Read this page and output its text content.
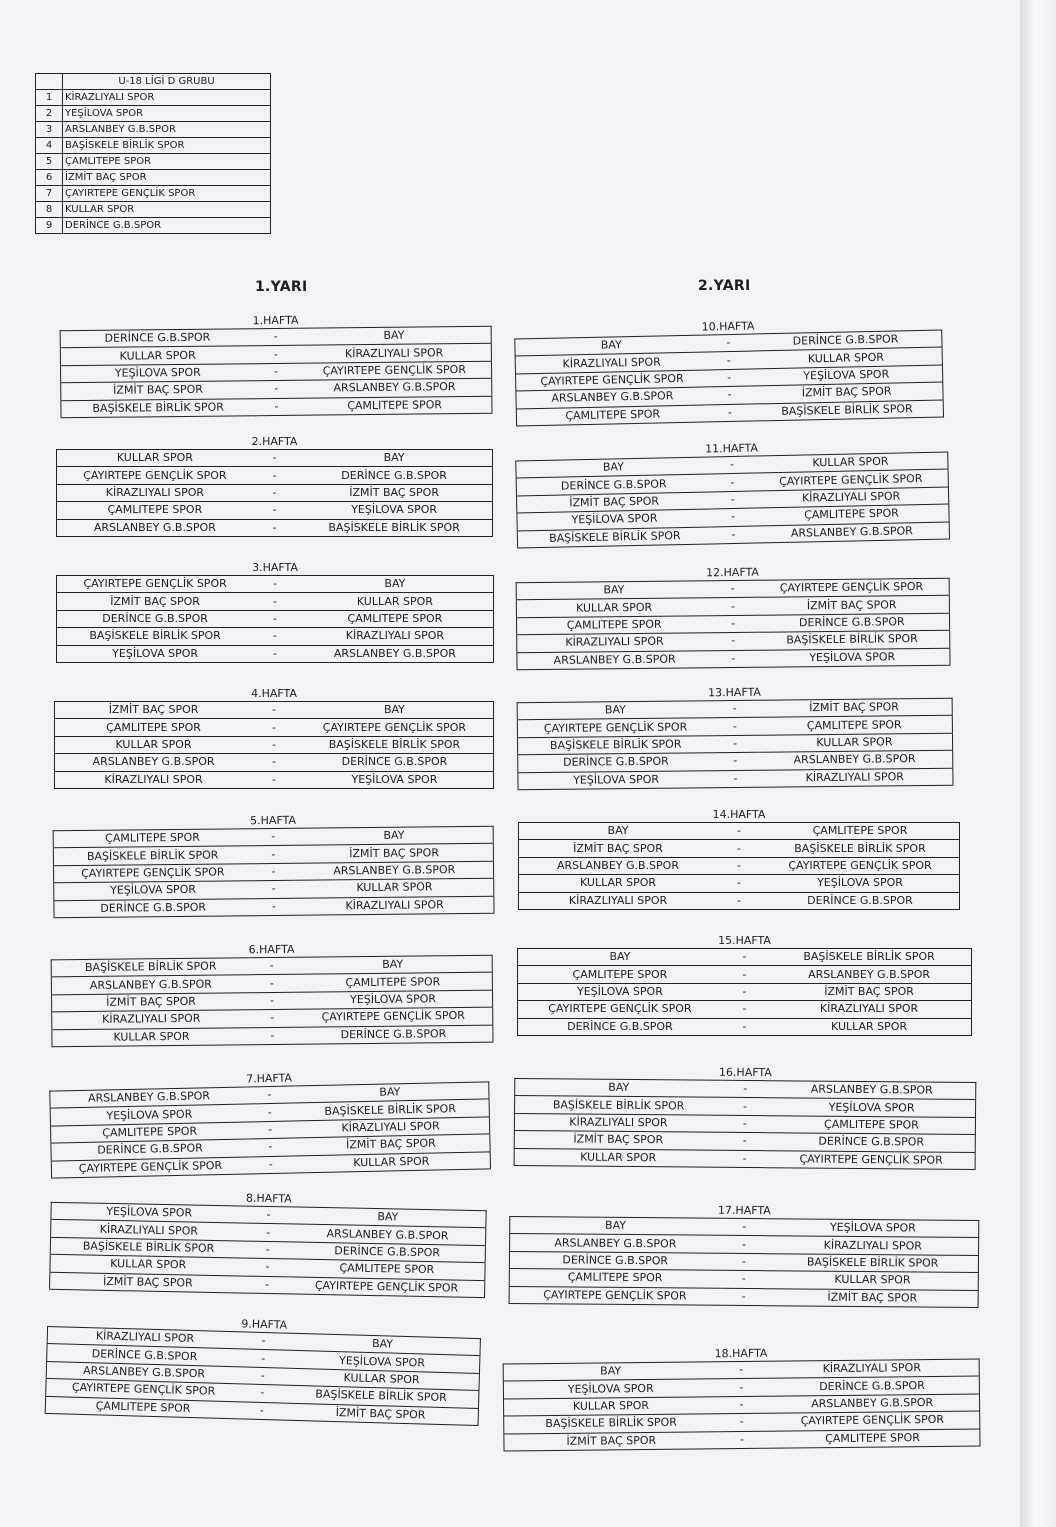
	U-18 LİGİ D GRUBU
1	KİRAZLIYALI SPOR
2	YEŞİLOVA SPOR
3	ARSLANBEY G.B.SPOR
4	BAŞİSKELE BİRLİK SPOR
5	ÇAMLITEPE SPOR
6	İZMİT BAÇ SPOR
7	ÇAYIRTEPE GENÇLİK SPOR
8	KULLAR SPOR
9	DERİNCE G.B.SPOR
1.YARI	2.YARI
1.HAFTA
DERİNCE G.B.SPOR	-	BAY
KULLAR SPOR	-	KİRAZLIYALI SPOR
YEŞİLOVA SPOR	-	ÇAYIRTEPE GENÇLİK SPOR
İZMİT BAÇ SPOR	-	ARSLANBEY G.B.SPOR
BAŞİSKELE BİRLİK SPOR	-	ÇAMLITEPE SPOR
2.HAFTA
KULLAR SPOR	-	BAY
ÇAYIRTEPE GENÇLİK SPOR	-	DERİNCE G.B.SPOR
KİRAZLIYALI SPOR	-	İZMİT BAÇ SPOR
ÇAMLITEPE SPOR	-	YEŞİLOVA SPOR
ARSLANBEY G.B.SPOR	-	BAŞİSKELE BİRLİK SPOR
3.HAFTA
ÇAYIRTEPE GENÇLİK SPOR	-	BAY
İZMİT BAÇ SPOR	-	KULLAR SPOR
DERİNCE G.B.SPOR	-	ÇAMLITEPE SPOR
BAŞİSKELE BİRLİK SPOR	-	KİRAZLIYALI SPOR
YEŞİLOVA SPOR	-	ARSLANBEY G.B.SPOR
4.HAFTA
İZMİT BAÇ SPOR	-	BAY
ÇAMLITEPE SPOR	-	ÇAYIRTEPE GENÇLİK SPOR
KULLAR SPOR	-	BAŞİSKELE BİRLİK SPOR
ARSLANBEY G.B.SPOR	-	DERİNCE G.B.SPOR
KİRAZLIYALI SPOR	-	YEŞİLOVA SPOR
5.HAFTA
ÇAMLITEPE SPOR	-	BAY
BAŞİSKELE BİRLİK SPOR	-	İZMİT BAÇ SPOR
ÇAYIRTEPE GENÇLİK SPOR	-	ARSLANBEY G.B.SPOR
YEŞİLOVA SPOR	-	KULLAR SPOR
DERİNCE G.B.SPOR	-	KİRAZLIYALI SPOR
6.HAFTA
BAŞİSKELE BİRLİK SPOR	-	BAY
ARSLANBEY G.B.SPOR	-	ÇAMLITEPE SPOR
İZMİT BAÇ SPOR	-	YEŞİLOVA SPOR
KİRAZLIYALI SPOR	-	ÇAYIRTEPE GENÇLİK SPOR
KULLAR SPOR	-	DERİNCE G.B.SPOR
7.HAFTA
ARSLANBEY G.B.SPOR	-	BAY
YEŞİLOVA SPOR	-	BAŞİSKELE BİRLİK SPOR
ÇAMLITEPE SPOR	-	KİRAZLIYALI SPOR
DERİNCE G.B.SPOR	-	İZMİT BAÇ SPOR
ÇAYIRTEPE GENÇLİK SPOR	-	KULLAR SPOR
8.HAFTA
YEŞİLOVA SPOR	-	BAY
KİRAZLIYALI SPOR	-	ARSLANBEY G.B.SPOR
BAŞİSKELE BİRLİK SPOR	-	DERİNCE G.B.SPOR
KULLAR SPOR	-	ÇAMLITEPE SPOR
İZMİT BAÇ SPOR	-	ÇAYIRTEPE GENÇLİK SPOR
9.HAFTA
KİRAZLIYALI SPOR	-	BAY
DERİNCE G.B.SPOR	-	YEŞİLOVA SPOR
ARSLANBEY G.B.SPOR	-	KULLAR SPOR
ÇAYIRTEPE GENÇLİK SPOR	-	BAŞİSKELE BİRLİK SPOR
ÇAMLITEPE SPOR	-	İZMİT BAÇ SPOR
10.HAFTA
BAY	-	DERİNCE G.B.SPOR
KİRAZLIYALI SPOR	-	KULLAR SPOR
ÇAYIRTEPE GENÇLİK SPOR	-	YEŞİLOVA SPOR
ARSLANBEY G.B.SPOR	-	İZMİT BAÇ SPOR
ÇAMLITEPE SPOR	-	BAŞİSKELE BİRLİK SPOR
11.HAFTA
BAY	-	KULLAR SPOR
DERİNCE G.B.SPOR	-	ÇAYIRTEPE GENÇLİK SPOR
İZMİT BAÇ SPOR	-	KİRAZLIYALI SPOR
YEŞİLOVA SPOR	-	ÇAMLITEPE SPOR
BAŞİSKELE BİRLİK SPOR	-	ARSLANBEY G.B.SPOR
12.HAFTA
BAY	-	ÇAYIRTEPE GENÇLİK SPOR
KULLAR SPOR	-	İZMİT BAÇ SPOR
ÇAMLITEPE SPOR	-	DERİNCE G.B.SPOR
KİRAZLIYALI SPOR	-	BAŞİSKELE BİRLİK SPOR
ARSLANBEY G.B.SPOR	-	YEŞİLOVA SPOR
13.HAFTA
BAY	-	İZMİT BAÇ SPOR
ÇAYIRTEPE GENÇLİK SPOR	-	ÇAMLITEPE SPOR
BAŞİSKELE BİRLİK SPOR	-	KULLAR SPOR
DERİNCE G.B.SPOR	-	ARSLANBEY G.B.SPOR
YEŞİLOVA SPOR	-	KİRAZLIYALI SPOR
14.HAFTA
BAY	-	ÇAMLITEPE SPOR
İZMİT BAÇ SPOR	-	BAŞİSKELE BİRLİK SPOR
ARSLANBEY G.B.SPOR	-	ÇAYIRTEPE GENÇLİK SPOR
KULLAR SPOR	-	YEŞİLOVA SPOR
KİRAZLIYALI SPOR	-	DERİNCE G.B.SPOR
15.HAFTA
BAY	-	BAŞİSKELE BİRLİK SPOR
ÇAMLITEPE SPOR	-	ARSLANBEY G.B.SPOR
YEŞİLOVA SPOR	-	İZMİT BAÇ SPOR
ÇAYIRTEPE GENÇLİK SPOR	-	KİRAZLIYALI SPOR
DERİNCE G.B.SPOR	-	KULLAR SPOR
16.HAFTA
BAY	-	ARSLANBEY G.B.SPOR
BAŞİSKELE BİRLİK SPOR	-	YEŞİLOVA SPOR
KİRAZLIYALI SPOR	-	ÇAMLITEPE SPOR
İZMİT BAÇ SPOR	-	DERİNCE G.B.SPOR
KULLAR SPOR	-	ÇAYIRTEPE GENÇLİK SPOR
17.HAFTA
BAY	-	YEŞİLOVA SPOR
ARSLANBEY G.B.SPOR	-	KİRAZLIYALI SPOR
DERİNCE G.B.SPOR	-	BAŞİSKELE BİRLİK SPOR
ÇAMLITEPE SPOR	-	KULLAR SPOR
ÇAYIRTEPE GENÇLİK SPOR	-	İZMİT BAÇ SPOR
18.HAFTA
BAY	-	KİRAZLIYALI SPOR
YEŞİLOVA SPOR	-	DERİNCE G.B.SPOR
KULLAR SPOR	-	ARSLANBEY G.B.SPOR
BAŞİSKELE BİRLİK SPOR	-	ÇAYIRTEPE GENÇLİK SPOR
İZMİT BAÇ SPOR	-	ÇAMLITEPE SPOR
